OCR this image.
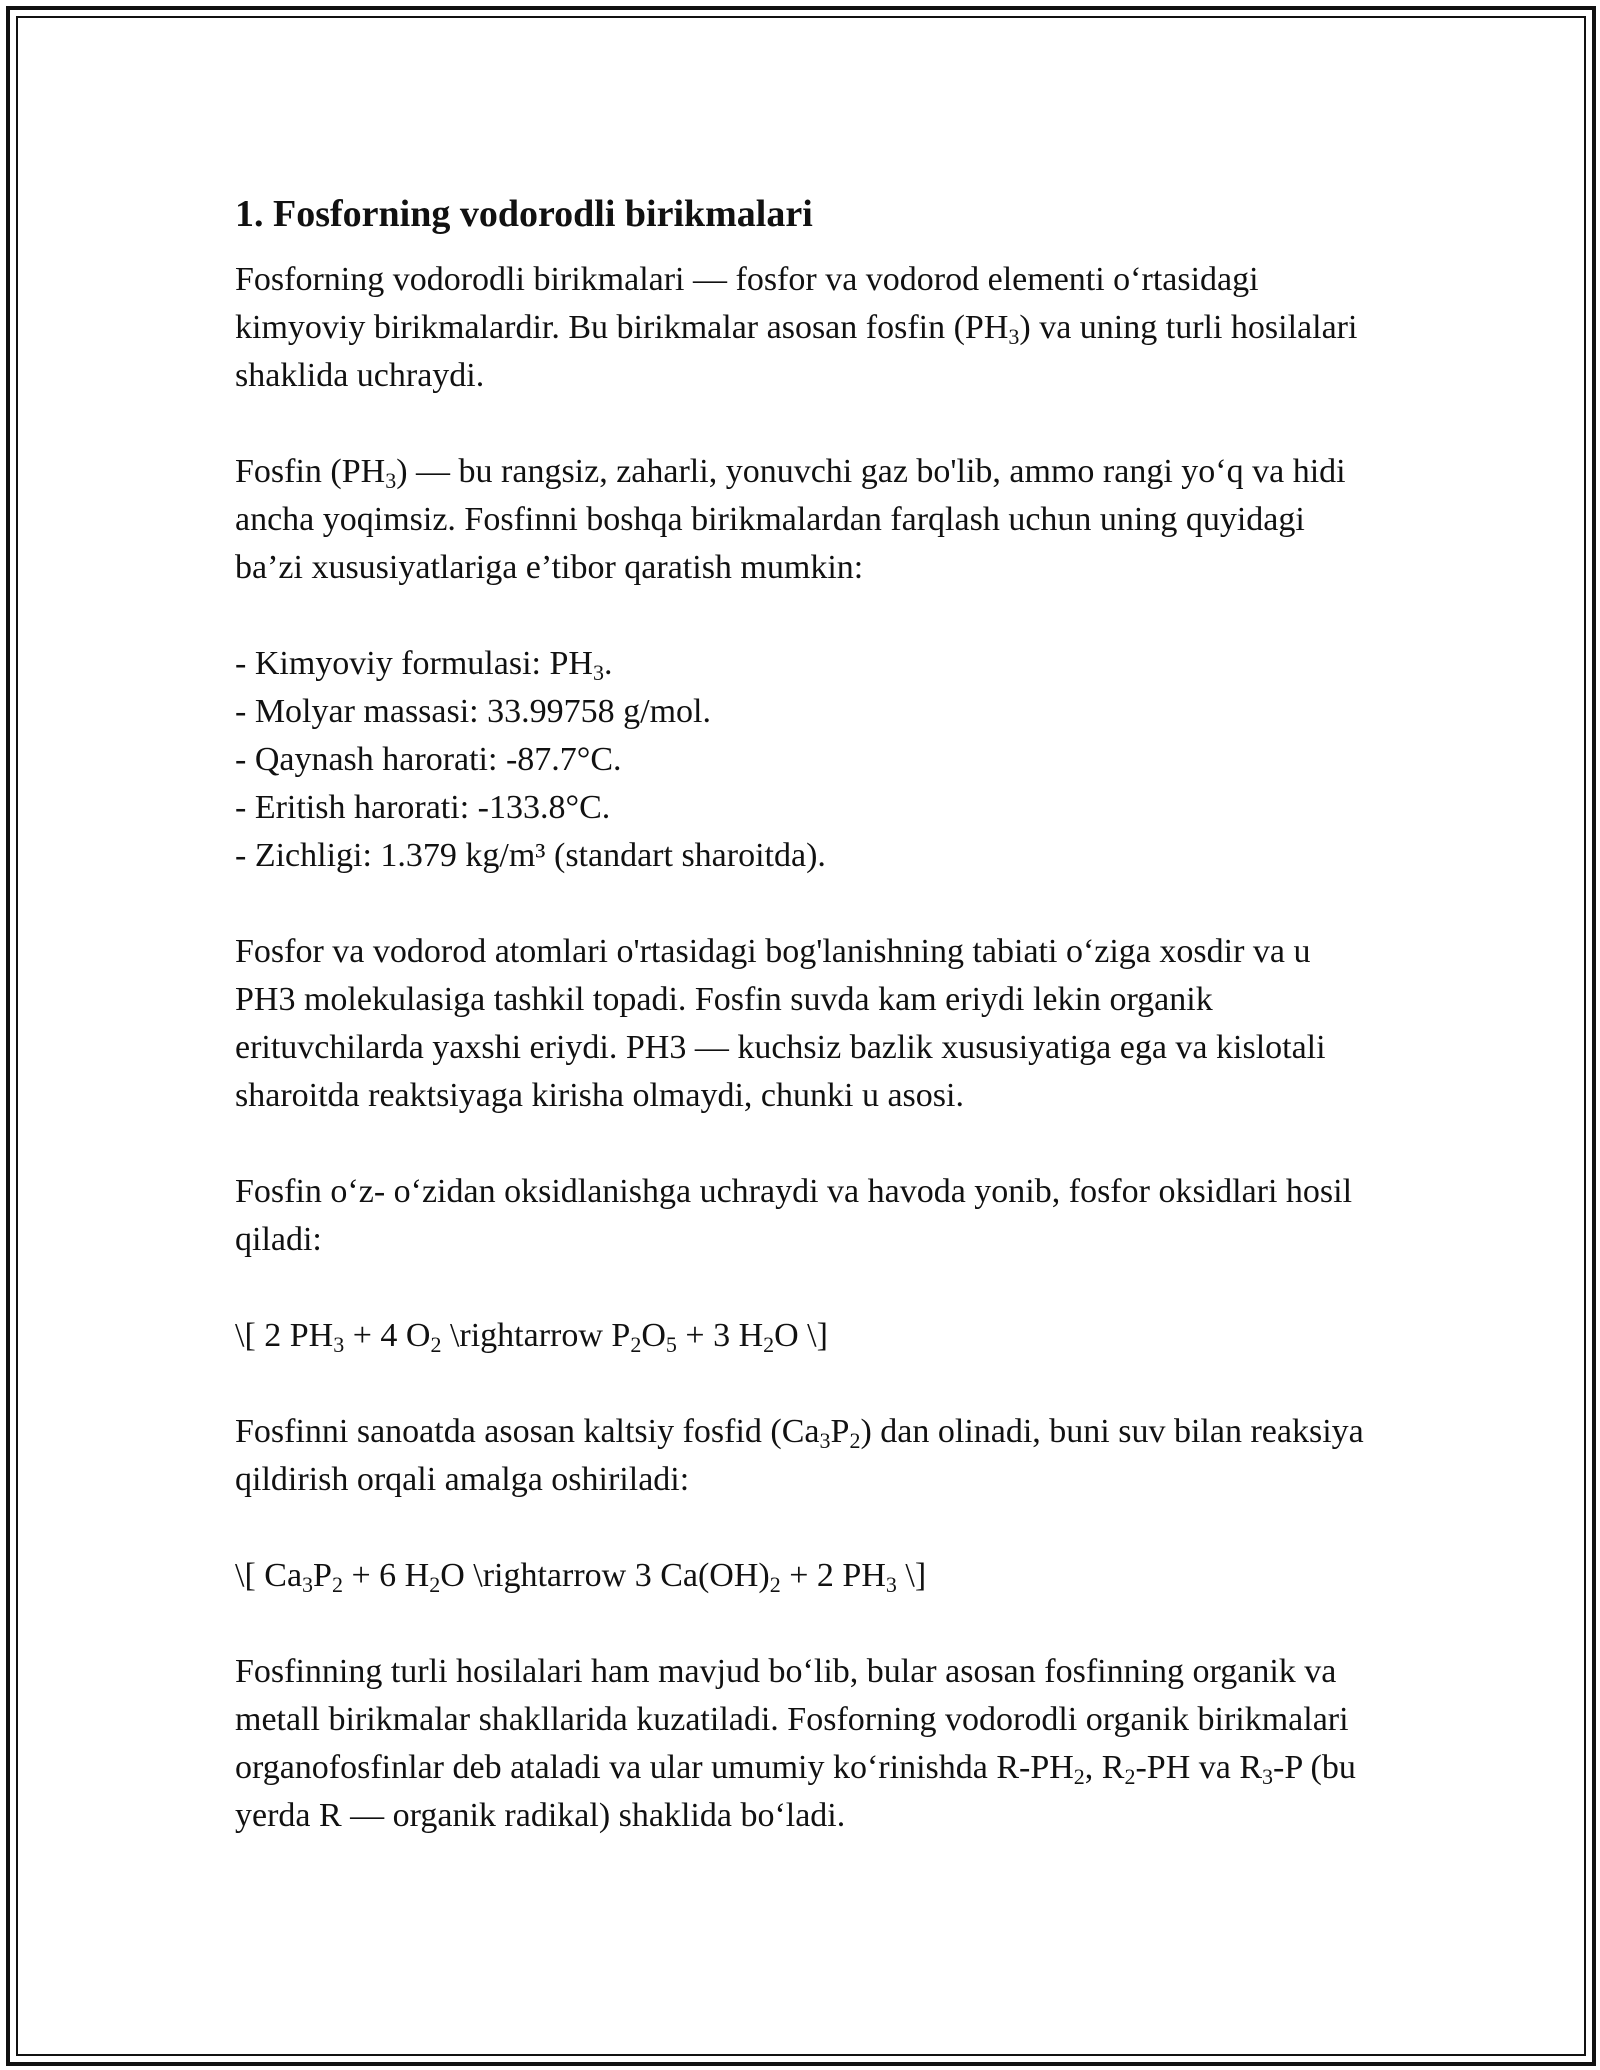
1. Fosforning vodorodli birikmalari

Fosforning vodorodli birikmalari — fosfor va vodorod elementi o‘rtasidagi kimyoviy birikmalardir. Bu birikmalar asosan fosfin $(PH_3)$ va uning turli hosilalari shaklida uchraydi.

Fosfin $(PH_3)$ — bu rangsiz, zaharli, yonuvchi gaz bo'lib, ammo rangi yo‘q va hidi ancha yoqimsiz. Fosfinni boshqa birikmalardan farqlash uchun uning quyidagi ba’zi xususiyatlariga e’tibor qaratish mumkin:

- Kimyoviy formulasi: $PH_3$.
- Molyar massasi: 33.99758 g/mol.
- Qaynash harorati: -87.7°C.
- Eritish harorati: -133.8°C.
- Zichligi: 1.379 kg/m³ (standart sharoitda).

Fosfor va vodorod atomlari o'rtasidagi bog'lanishning tabiati o‘ziga xosdir va u PH3 molekulasiga tashkil topadi. Fosfin suvda kam eriydi lekin organik erituvchilarda yaxshi eriydi. PH3 — kuchsiz bazlik xususiyatiga ega va kislotali sharoitda reaktsiyaga kirisha olmaydi, chunki u asosi.

Fosfin o‘z- o‘zidan oksidlanishga uchraydi va havoda yonib, fosfor oksidlari hosil qiladi:

\[ 2 $PH_3 + 4$ $O_2$ \rightarrow $P_2O_5 + 3$ $H_2O$ \]

Fosfinni sanoatda asosan kaltsiy fosfid $(Ca_3P_2)$ dan olinadi, buni suv bilan reaksiya qildirish orqali amalga oshiriladi:

\[ $Ca_3P_2 + 6$ $H_2O$ \rightarrow 3 $Ca(OH)_2 + 2$ $PH_3$ \]

Fosfinning turli hosilalari ham mavjud bo‘lib, bular asosan fosfinning organik va metall birikmalar shakllarida kuzatiladi. Fosforning vodorodli organik birikmalari organofosfinlar deb ataladi va ular umumiy ko‘rinishda $R-PH_2$, $R_2-PH$ va $R_3-P$ (bu yerda R — organik radikal) shaklida bo‘ladi.
